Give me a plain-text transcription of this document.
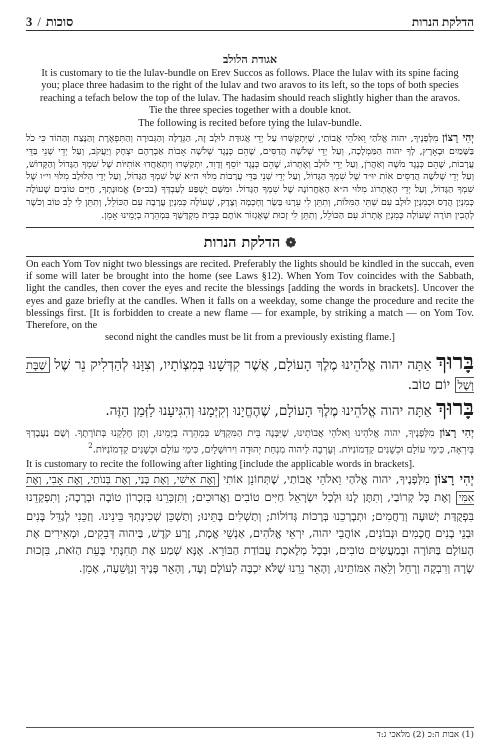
סוכות / 3	הדלקת הנרות
אגודת הלולב
It is customary to tie the lulav-bundle on Erev Succos as follows. Place the lulav with its spine facing you; place three hadasim to the right of the lulav and two aravos to its left, so the tops of both species reaching a tefach below the top of the lulav. The hadasim should reach slightly higher than the aravos. Tie the three species together with a double knot.
The following is recited before tying the lulav-bundle.
יְהִי רָצוֹן מִלְּפָנֶיךָ, יהוה אֱלֹהַי וֵאלֹהֵי אֲבוֹתַי, שֶׁיִּתְקַשְּׁרוּ עַל יְדֵי אֲגוּדַּת לוּלָב זֶה, הַגְּדֻלָּה וְהַגְּבוּרָה וְהַתִּפְאֶרֶת וְהַנֶּצַח וְהַהוֹד כִּי כֹל בַּשָּׁמַיִם וּבָאָרֶץ, לְךָ יהוה הַמַּמְלָכָה, וְעַל יְדֵי שְׁלֹשָׁה הֲדַסִּים, שֶׁהֵם כְּנֶגֶד שְׁלֹשָׁה אָבוֹת אַבְרָהָם יִצְחָק וְיַעֲקֹב, וְעַל יְדֵי שְׁנֵי בַּדֵּי עֲרָבוֹת, שֶׁהֵם כְּנֶגֶד מֹשֶׁה וְאַהֲרֹן, וְעַל יְדֵי לוּלָב וְאֶתְרוֹג, שֶׁהֵם כְּנֶגֶד יוֹסֵף וְדָוִד, יִתְקַשְּׁרוּ וְיִתְאַחֲדוּ אוֹתִיּוֹת שֶׁל שִׁמְךָ הַגָּדוֹל וְהַקָּדוֹשׁ, וְעַל יְדֵי שְׁלֹשָׁה הֲדַסִּים אוֹת יוּ״ד שֶׁל שִׁמְךָ הַגָּדוֹל, וְעַל יְדֵי שְׁנֵי בַּדֵּי עֲרָבוֹת מִלּוּי ה״א שֶׁל שִׁמְךָ הַגָּדוֹל, וְעַל יְדֵי הַלּוּלָב מִלּוּי וי״ו שֶׁל שִׁמְךָ הַגָּדוֹל, וְעַל יְדֵי הָאֶתְרוֹג מִלּוּי ה״א הָאַחֲרוֹנָה שֶׁל שִׁמְךָ הַגָּדוֹל. וּמִשָּׁם יֻשְׁפַּע לְעַבְדְּךָ (בכ״פ) אֱמוּנָתְךָ, חַיִּים טוֹבִים שֶׁעוֹלָה כְּמִנְיַן הֲדַס וּכְמִנְיַן לוּלָב עִם שְׁתֵּי הַמִּלּוֹת, וְתִתֵּן לִי עֵרָנוּ בָּשָׂר וְחָכְמָה וְצֶדֶק, שֶׁעוֹלָה כְּמִנְיַן עֲרָבָה עִם הַכּוֹלֵל, וְתִתֵּן לִי לֵב טוֹב וְכֹשֶׁר לְהָבִין תּוֹרָה שֶׁעוֹלָה כְּמִנְיַן אֶתְרוֹג עִם הַכּוֹלֵל, וְתִתֵּן לִי זְכוּת שֶׁאֶגְזוֹר אוֹתָם בְּבֵית מִקְדָּשְׁךָ בִּמְהֵרָה בְיָמֵינוּ אָמֵן.
❁ הדלקת הנרות
On each Yom Tov night two blessings are recited. Preferably the lights should be kindled in the succah, even if some will later be brought into the home (see Laws §12). When Yom Tov coincides with the Sabbath, light the candles, then cover the eyes and recite the blessings [adding the words in brackets]. Uncover the eyes and gaze briefly at the candles. When it falls on a weekday, some change the procedure and recite the blessings first. [It is forbidden to create a new flame — for example, by striking a match — on Yom Tov. Therefore, on the
second night the candles must be lit from a previously existing flame.]
בָּרוּךְ אַתָּה יהוה אֱלֹהֵינוּ מֶלֶךְ הָעוֹלָם, אֲשֶׁר קִדְּשָׁנוּ בְּמִצְוֹתָיו, וְצִוָּנוּ לְהַדְלִיק נֵר שֶׁל שַׁבָּת וְשֶׁל יוֹם טוֹב.
בָּרוּךְ אַתָּה יהוה אֱלֹהֵינוּ מֶלֶךְ הָעוֹלָם, שֶׁהֶחֱיָנוּ וְקִיְּמָנוּ וְהִגִּיעָנוּ לַזְּמַן הַזֶּה.
יְהִי רָצוֹן מִלְּפָנֶיךָ, יהוה אֱלֹהֵינוּ וֵאלֹהֵי אֲבוֹתֵינוּ, שֶׁיִּבָּנֶה בֵּית הַמִּקְדָּשׁ בִּמְהֵרָה בְיָמֵינוּ, וְתֵן חֶלְקֵנוּ בְּתוֹרָתֶךָ. וְשָׁם נַעֲבָדְךָ בְּיִרְאָה, כִּימֵי עוֹלָם וּכְשָׁנִים קַדְמוֹנִיּוֹת. וְעָרְבָה לַיהוה מִנְחַת יְהוּדָה וִירוּשָׁלָיִם, כִּימֵי עוֹלָם וּכְשָׁנִים קַדְמוֹנִיּוֹת.$^2$
It is customary to recite the following after lighting [include the applicable words in brackets].
יְהִי רָצוֹן מִלְּפָנֶיךָ, יהוה אֱלֹהַי וֵאלֹהֵי אֲבוֹתַי, שֶׁתְּחוֹנֵן אוֹתִי וְאֶת אִישִׁי, וְאֶת בָּנַי, וְאֶת בְּנוֹתַי, וְאֶת אָבִי, וְאֶת אִמִּי וְאֶת כָּל קְרוֹבַי, וְתִתֶּן לָנוּ וּלְכָל יִשְׂרָאֵל חַיִּים טוֹבִים וַאֲרוּכִים; וְתִזְכְּרֵנוּ בְּזִכְרוֹן טוֹבָה וּבְרָכָה; וְתִפְקְדֵנוּ בִּפְקֻדַּת יְשׁוּעָה וְרַחֲמִים; וּתְבָרְכֵנוּ בְּרָכוֹת גְּדוֹלוֹת; וְתַשְׁלִים בָּתֵּינוּ; וְתַשְׁכֵּן שְׁכִינָתְךָ בֵּינֵינוּ. וְזַכֵּנִי לְגַדֵּל בָּנִים וּבְנֵי בָנִים חֲכָמִים וּנְבוֹנִים, אוֹהֲבֵי יהוה, יִרְאֵי אֱלֹהִים, אַנְשֵׁי אֱמֶת, זֶרַע קֹדֶשׁ, בַּיהוה דְּבֵקִים, וּמְאִירִים אֶת הָעוֹלָם בַּתּוֹרָה וּבְמַעֲשִׂים טוֹבִים, וּבְכָל מְלֶאכֶת עֲבוֹדַת הַבּוֹרֵא. אָנָּא שְׁמַע אֶת תְּחִנָּתִי בָּעֵת הַזֹּאת, בִּזְכוּת שָׂרָה וְרִבְקָה וְרָחֵל וְלֵאָה אִמּוֹתֵינוּ, וְהָאֵר נֵרֵנוּ שֶׁלֹּא יִכְבֶּה לְעוֹלָם וָעֶד, וְהָאֵר פָּנֶיךָ וְנִוָּשֵׁעָה, אָמֵן.
(1) אבות ה:כ (2) מלאכי ג:ד
